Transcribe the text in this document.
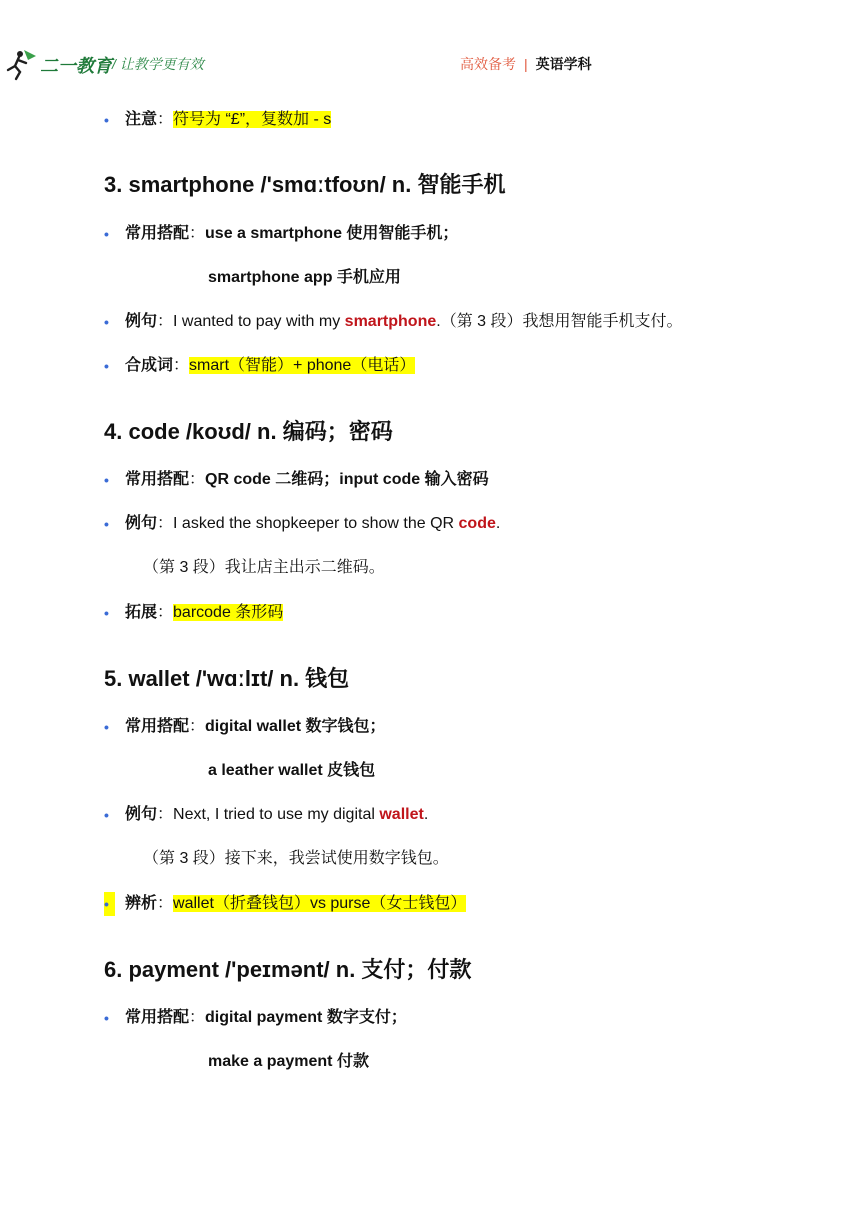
二一教育 / 让教学更有效	高效备考 | 英语学科
• 注意：符号为 “£”，复数加 - s
3. smartphone /'smɑːtfoʊn/ n. 智能手机
• 常用搭配：use a smartphone 使用智能手机；
smartphone app 手机应用
• 例句：I wanted to pay with my smartphone.（第 3 段）我想用智能手机支付。
• 合成词：smart（智能）+ phone（电话）
4. code /koʊd/ n. 编码；密码
• 常用搭配：QR code 二维码；input code 输入密码
• 例句：I asked the shopkeeper to show the QR code.
（第 3 段）我让店主出示二维码。
• 拓展：barcode 条形码
5. wallet /'wɑːlɪt/ n. 钱包
• 常用搭配：digital wallet 数字钱包；
a leather wallet 皮钱包
• 例句：Next, I tried to use my digital wallet.
（第 3 段）接下来，我尝试使用数字钱包。
•	辨析：wallet（折叠钱包）vs purse（女士钱包）
6. payment /'peɪmənt/ n. 支付；付款
• 常用搭配：digital payment 数字支付；
make a payment 付款
